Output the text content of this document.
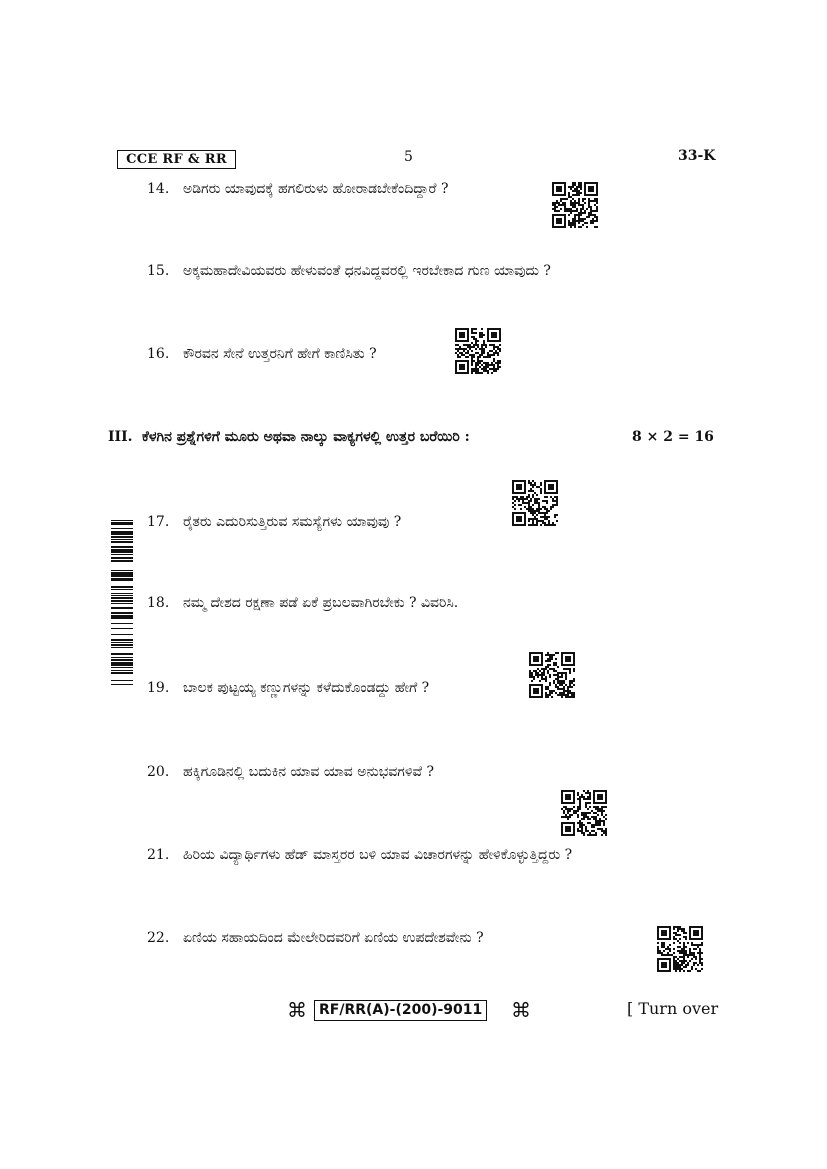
CCE RF & RR	5	33-K
14. ಅಡಿಗರು ಯಾವುದಕ್ಕೆ ಹಗಲಿರುಳು ಹೋರಾಡಬೇಕೆಂದಿದ್ದಾರೆ ?
15. ಅಕ್ಕಮಹಾದೇವಿಯವರು ಹೇಳುವಂತೆ ಧನವಿದ್ದವರಲ್ಲಿ ಇರಬೇಕಾದ ಗುಣ ಯಾವುದು ?
16. ಕೌರವನ ಸೇನೆ ಉತ್ತರನಿಗೆ ಹೇಗೆ ಕಾಣಿಸಿತು ?
III. ಕೆಳಗಿನ ಪ್ರಶ್ನೆಗಳಿಗೆ ಮೂರು ಅಥವಾ ನಾಲ್ಕು ವಾಕ್ಯಗಳಲ್ಲಿ ಉತ್ತರ ಬರೆಯಿರಿ :	8 × 2 = 16
17. ರೈತರು ಎದುರಿಸುತ್ತಿರುವ ಸಮಸ್ಯೆಗಳು ಯಾವುವು ?
18. ನಮ್ಮ ದೇಶದ ರಕ್ಷಣಾ ಪಡೆ ಏಕೆ ಪ್ರಬಲವಾಗಿರಬೇಕು ? ವಿವರಿಸಿ.
19. ಬಾಲಕ ಪುಟ್ಟಯ್ಯ ಕಣ್ಣುಗಳನ್ನು ಕಳೆದುಕೊಂಡದ್ದು ಹೇಗೆ ?
20. ಹಕ್ಕಿಗೂಡಿನಲ್ಲಿ ಬದುಕಿನ ಯಾವ ಯಾವ ಅನುಭವಗಳಿವೆ ?
21. ಹಿರಿಯ ವಿದ್ಯಾರ್ಥಿಗಳು ಹೆಡ್ ಮಾಸ್ತರರ ಬಳಿ ಯಾವ ವಿಚಾರಗಳನ್ನು ಹೇಳಿಕೊಳ್ಳುತ್ತಿದ್ದರು ?
22. ಏಣಿಯ ಸಹಾಯದಿಂದ ಮೇಲೇರಿದವರಿಗೆ ಏಣಿಯ ಉಪದೇಶವೇನು ?
⌘ RF/RR(A)-(200)-9011 ⌘	[ Turn over
